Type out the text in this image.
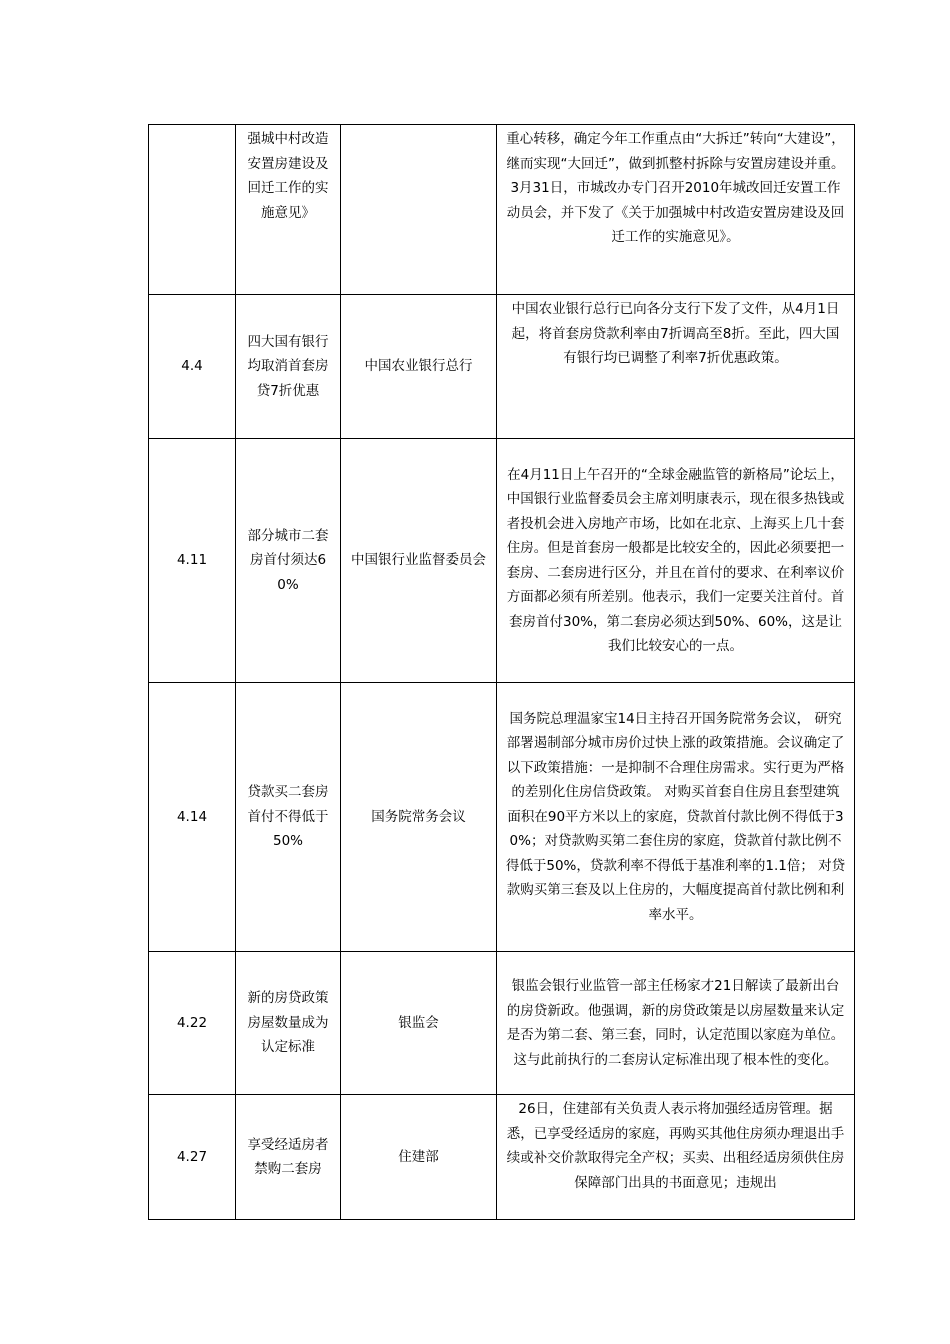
	强城中村改造安置房建设及回迁工作的实施意见》		重心转移，确定今年工作重点由“大拆迁”转向“大建设”，继而实现“大回迁”，做到抓整村拆除与安置房建设并重。3月31日，市城改办专门召开2010年城改回迁安置工作动员会，并下发了《关于加强城中村改造安置房建设及回迁工作的实施意见》。

4.4	四大国有银行均取消首套房贷7折优惠	中国农业银行总行	中国农业银行总行已向各分支行下发了文件，从4月1日起，将首套房贷款利率由7折调高至8折。至此，四大国有银行均已调整了利率7折优惠政策。

4.11	部分城市二套房首付须达60%	中国银行业监督委员会	在4月11日上午召开的“全球金融监管的新格局”论坛上，中国银行业监督委员会主席刘明康表示，现在很多热钱或者投机会进入房地产市场，比如在北京、上海买上几十套住房。但是首套房一般都是比较安全的，因此必须要把一套房、二套房进行区分，并且在首付的要求、在利率议价方面都必须有所差别。他表示，我们一定要关注首付。首套房首付30%，第二套房必须达到50%、60%，这是让我们比较安心的一点。
4.14	贷款买二套房首付不得低于50%	国务院常务会议	国务院总理温家宝14日主持召开国务院常务会议， 研究部署遏制部分城市房价过快上涨的政策措施。会议确定了以下政策措施：一是抑制不合理住房需求。实行更为严格的差别化住房信贷政策。 对购买首套自住房且套型建筑面积在90平方米以上的家庭，贷款首付款比例不得低于30%；对贷款购买第二套住房的家庭，贷款首付款比例不得低于50%，贷款利率不得低于基准利率的1.1倍； 对贷款购买第三套及以上住房的，大幅度提高首付款比例和利率水平。
4.22	新的房贷政策 房屋数量成为认定标准	银监会	银监会银行业监管一部主任杨家才21日解读了最新出台的房贷新政。他强调，新的房贷政策是以房屋数量来认定是否为第二套、第三套，同时，认定范围以家庭为单位。这与此前执行的二套房认定标准出现了根本性的变化。
4.27	享受经适房者禁购二套房	住建部	26日，住建部有关负责人表示将加强经适房管理。据悉，已享受经适房的家庭，再购买其他住房须办理退出手续或补交价款取得完全产权；买卖、出租经适房须供住房保障部门出具的书面意见；违规出
